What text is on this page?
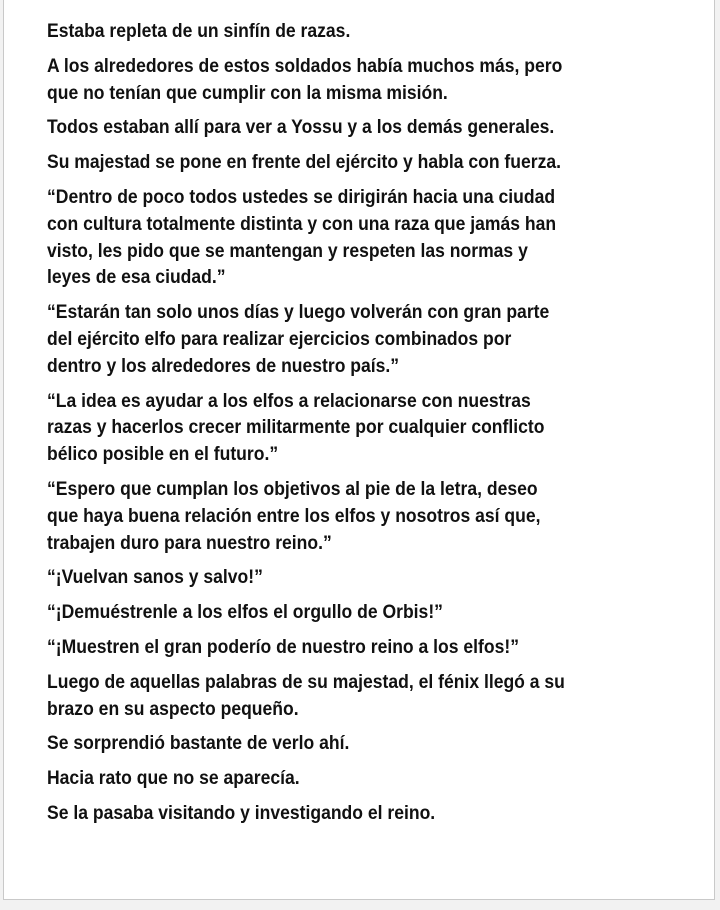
Estaba repleta de un sinfín de razas.

A los alrededores de estos soldados había muchos más, pero
que no tenían que cumplir con la misma misión.

Todos estaban allí para ver a Yossu y a los demás generales.

Su majestad se pone en frente del ejército y habla con fuerza.

“Dentro de poco todos ustedes se dirigirán hacia una ciudad
con cultura totalmente distinta y con una raza que jamás han
visto, les pido que se mantengan y respeten las normas y
leyes de esa ciudad.”

“Estarán tan solo unos días y luego volverán con gran parte
del ejército elfo para realizar ejercicios combinados por
dentro y los alrededores de nuestro país.”

“La idea es ayudar a los elfos a relacionarse con nuestras
razas y hacerlos crecer militarmente por cualquier conflicto
bélico posible en el futuro.”

“Espero que cumplan los objetivos al pie de la letra, deseo
que haya buena relación entre los elfos y nosotros así que,
trabajen duro para nuestro reino.”

“¡Vuelvan sanos y salvo!”

“¡Demuéstrenle a los elfos el orgullo de Orbis!”

“¡Muestren el gran poderío de nuestro reino a los elfos!”

Luego de aquellas palabras de su majestad, el fénix llegó a su
brazo en su aspecto pequeño.

Se sorprendió bastante de verlo ahí.

Hacia rato que no se aparecía.

Se la pasaba visitando y investigando el reino.
